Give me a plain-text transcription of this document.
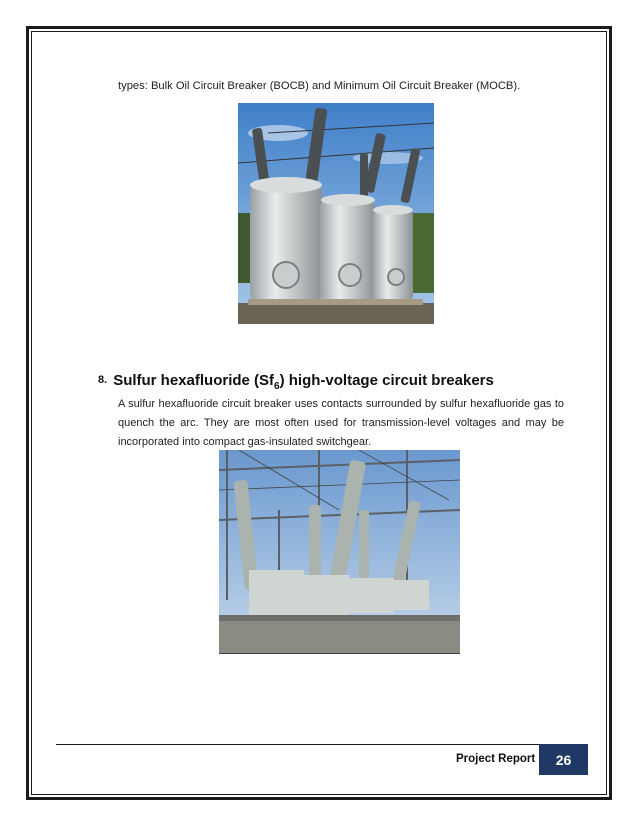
types: Bulk Oil Circuit Breaker (BOCB) and Minimum Oil Circuit Breaker (MOCB).
8. Sulfur hexafluoride $(Sf_6)$ high-voltage circuit breakers
A sulfur hexafluoride circuit breaker uses contacts surrounded by sulfur hexafluoride gas to quench the arc. They are most often used for transmission-level voltages and may be incorporated into compact gas-insulated switchgear.
Project Report 26
